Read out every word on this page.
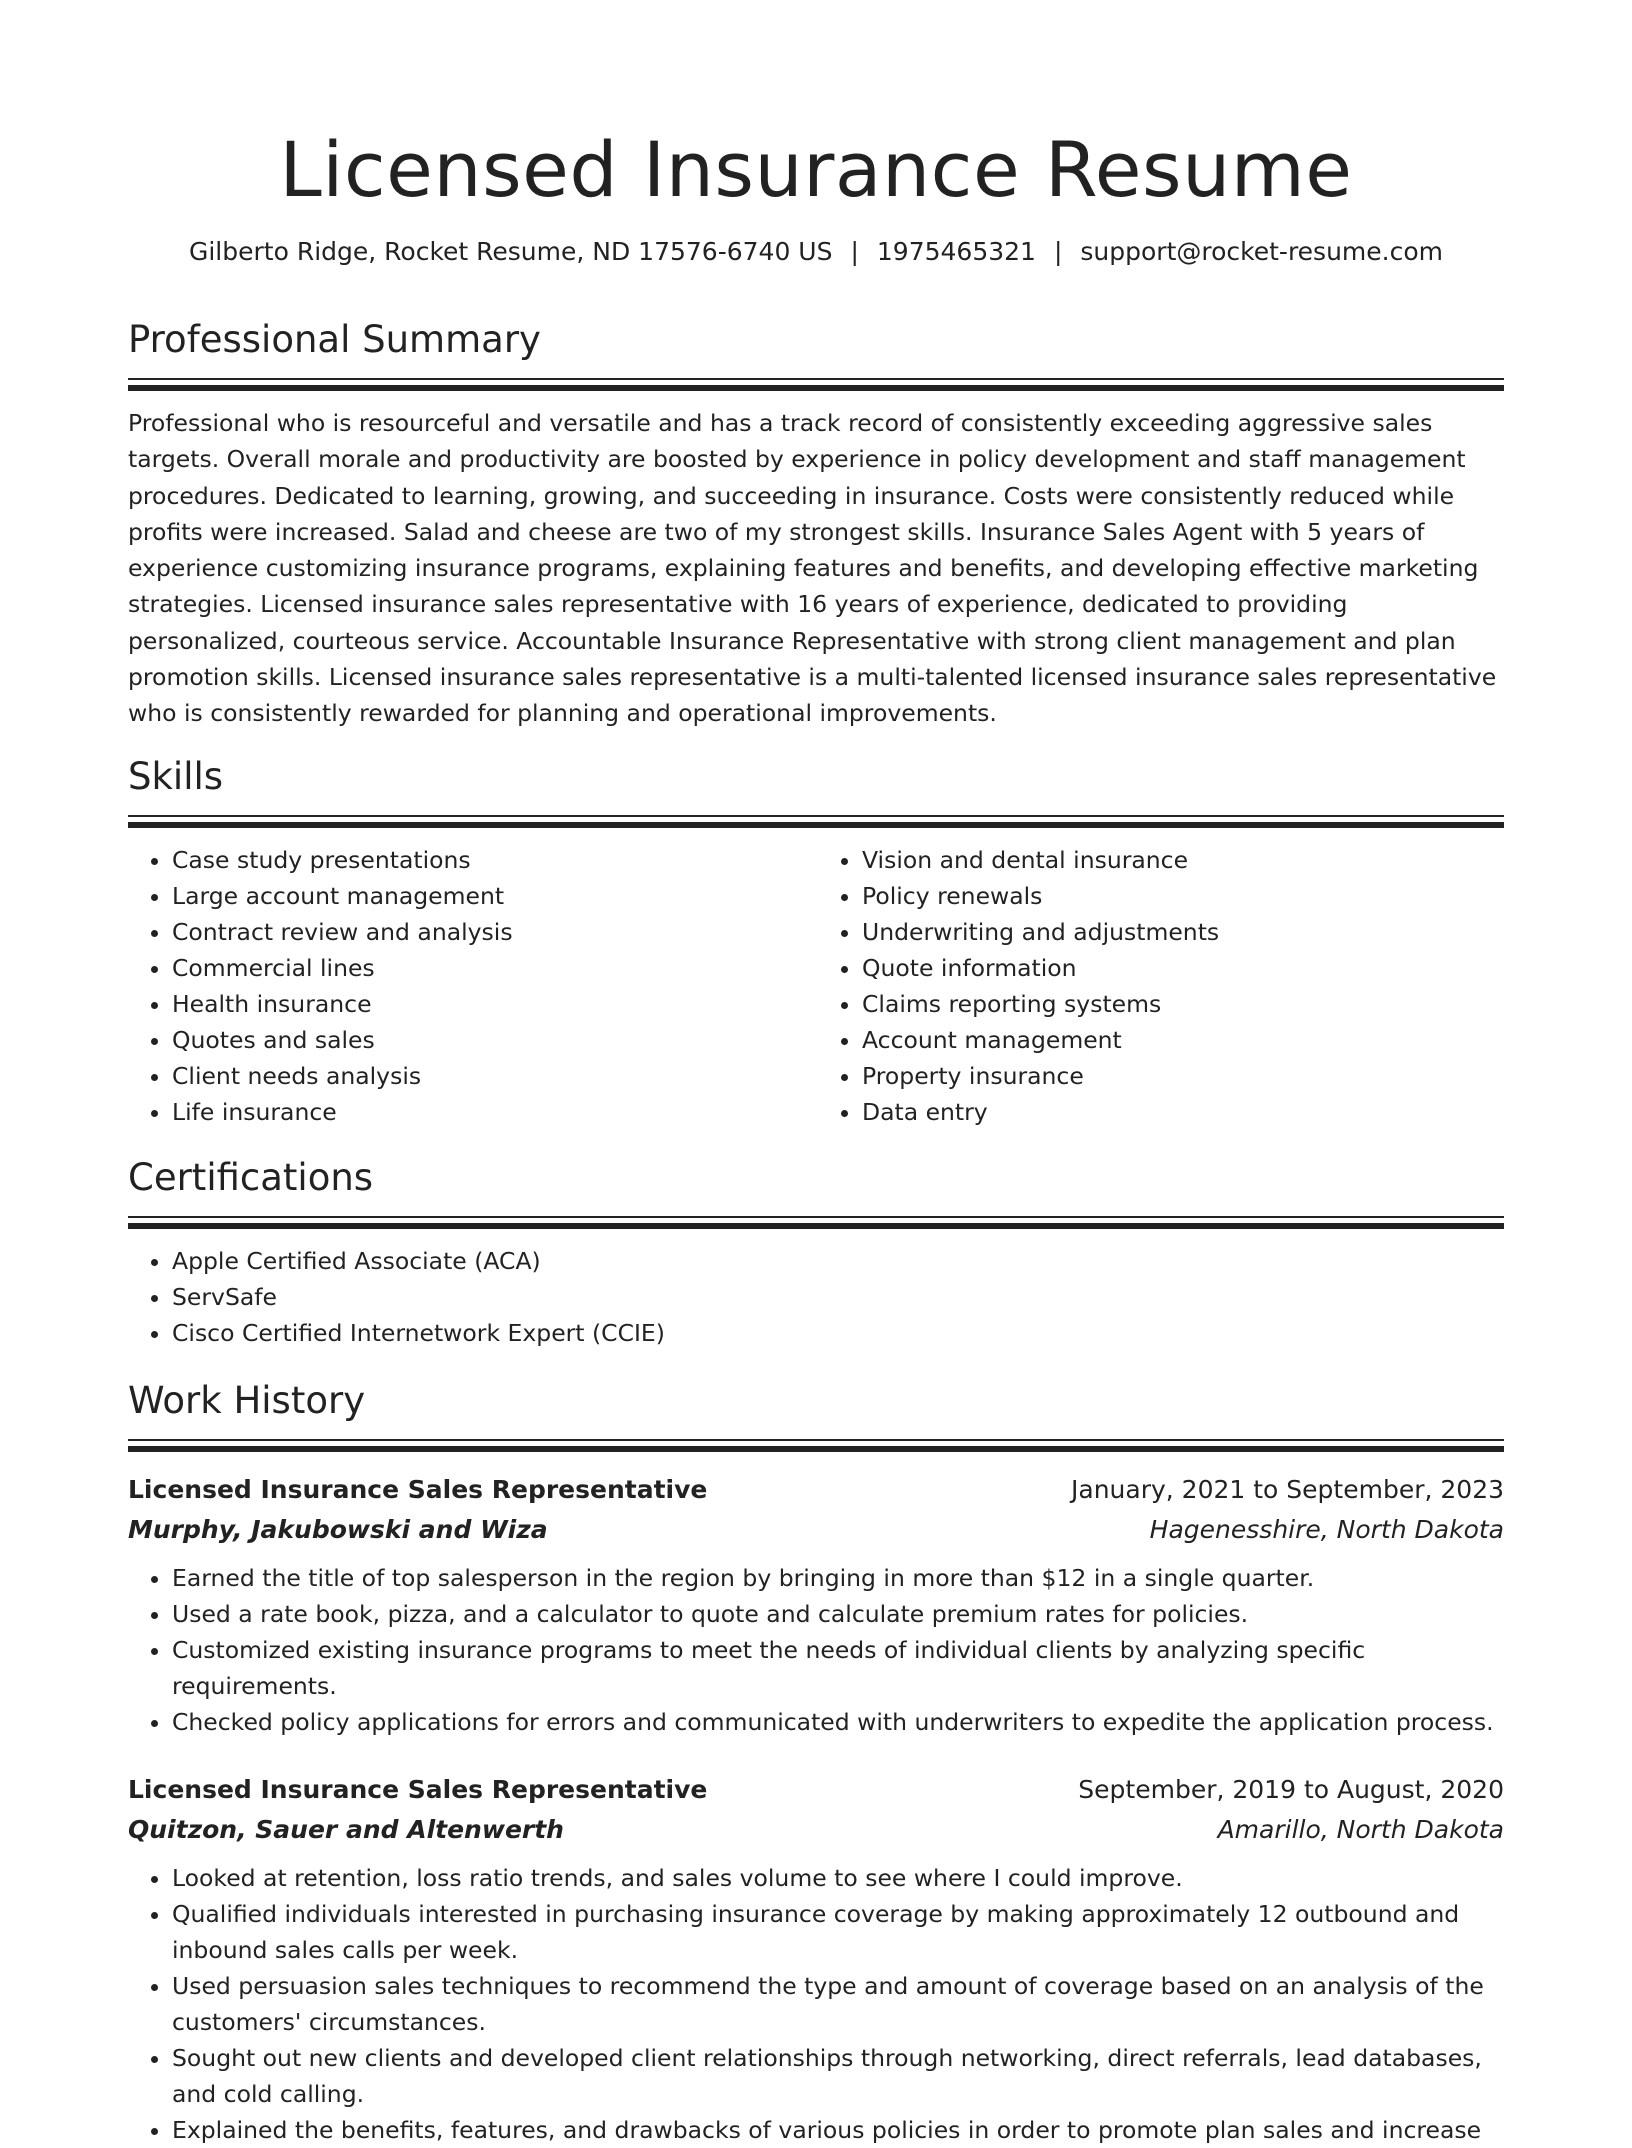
Licensed Insurance Resume
Gilberto Ridge, Rocket Resume, ND 17576-6740 US | 1975465321 | support@rocket-resume.com
Professional Summary

Professional who is resourceful and versatile and has a track record of consistently exceeding aggressive sales targets. Overall morale and productivity are boosted by experience in policy development and staff management procedures. Dedicated to learning, growing, and succeeding in insurance. Costs were consistently reduced while profits were increased. Salad and cheese are two of my strongest skills. Insurance Sales Agent with 5 years of experience customizing insurance programs, explaining features and benefits, and developing effective marketing strategies. Licensed insurance sales representative with 16 years of experience, dedicated to providing personalized, courteous service. Accountable Insurance Representative with strong client management and plan promotion skills. Licensed insurance sales representative is a multi-talented licensed insurance sales representative who is consistently rewarded for planning and operational improvements.

Skills
• Case study presentations
• Large account management
• Contract review and analysis
• Commercial lines
• Health insurance
• Quotes and sales
• Client needs analysis
• Life insurance
• Vision and dental insurance
• Policy renewals
• Underwriting and adjustments
• Quote information
• Claims reporting systems
• Account management
• Property insurance
• Data entry
Certifications
• Apple Certified Associate (ACA)
• ServSafe
• Cisco Certified Internetwork Expert (CCIE)
Work History
Licensed Insurance Sales Representative	January, 2021 to September, 2023
Murphy, Jakubowski and Wiza	Hagenesshire, North Dakota
• Earned the title of top salesperson in the region by bringing in more than $12 in a single quarter.
• Used a rate book, pizza, and a calculator to quote and calculate premium rates for policies.
• Customized existing insurance programs to meet the needs of individual clients by analyzing specific requirements.
• Checked policy applications for errors and communicated with underwriters to expedite the application process.
Licensed Insurance Sales Representative	September, 2019 to August, 2020
Quitzon, Sauer and Altenwerth	Amarillo, North Dakota
• Looked at retention, loss ratio trends, and sales volume to see where I could improve.
• Qualified individuals interested in purchasing insurance coverage by making approximately 12 outbound and inbound sales calls per week.
• Used persuasion sales techniques to recommend the type and amount of coverage based on an analysis of the customers' circumstances.
• Sought out new clients and developed client relationships through networking, direct referrals, lead databases, and cold calling.
• Explained the benefits, features, and drawbacks of various policies in order to promote plan sales and increase
